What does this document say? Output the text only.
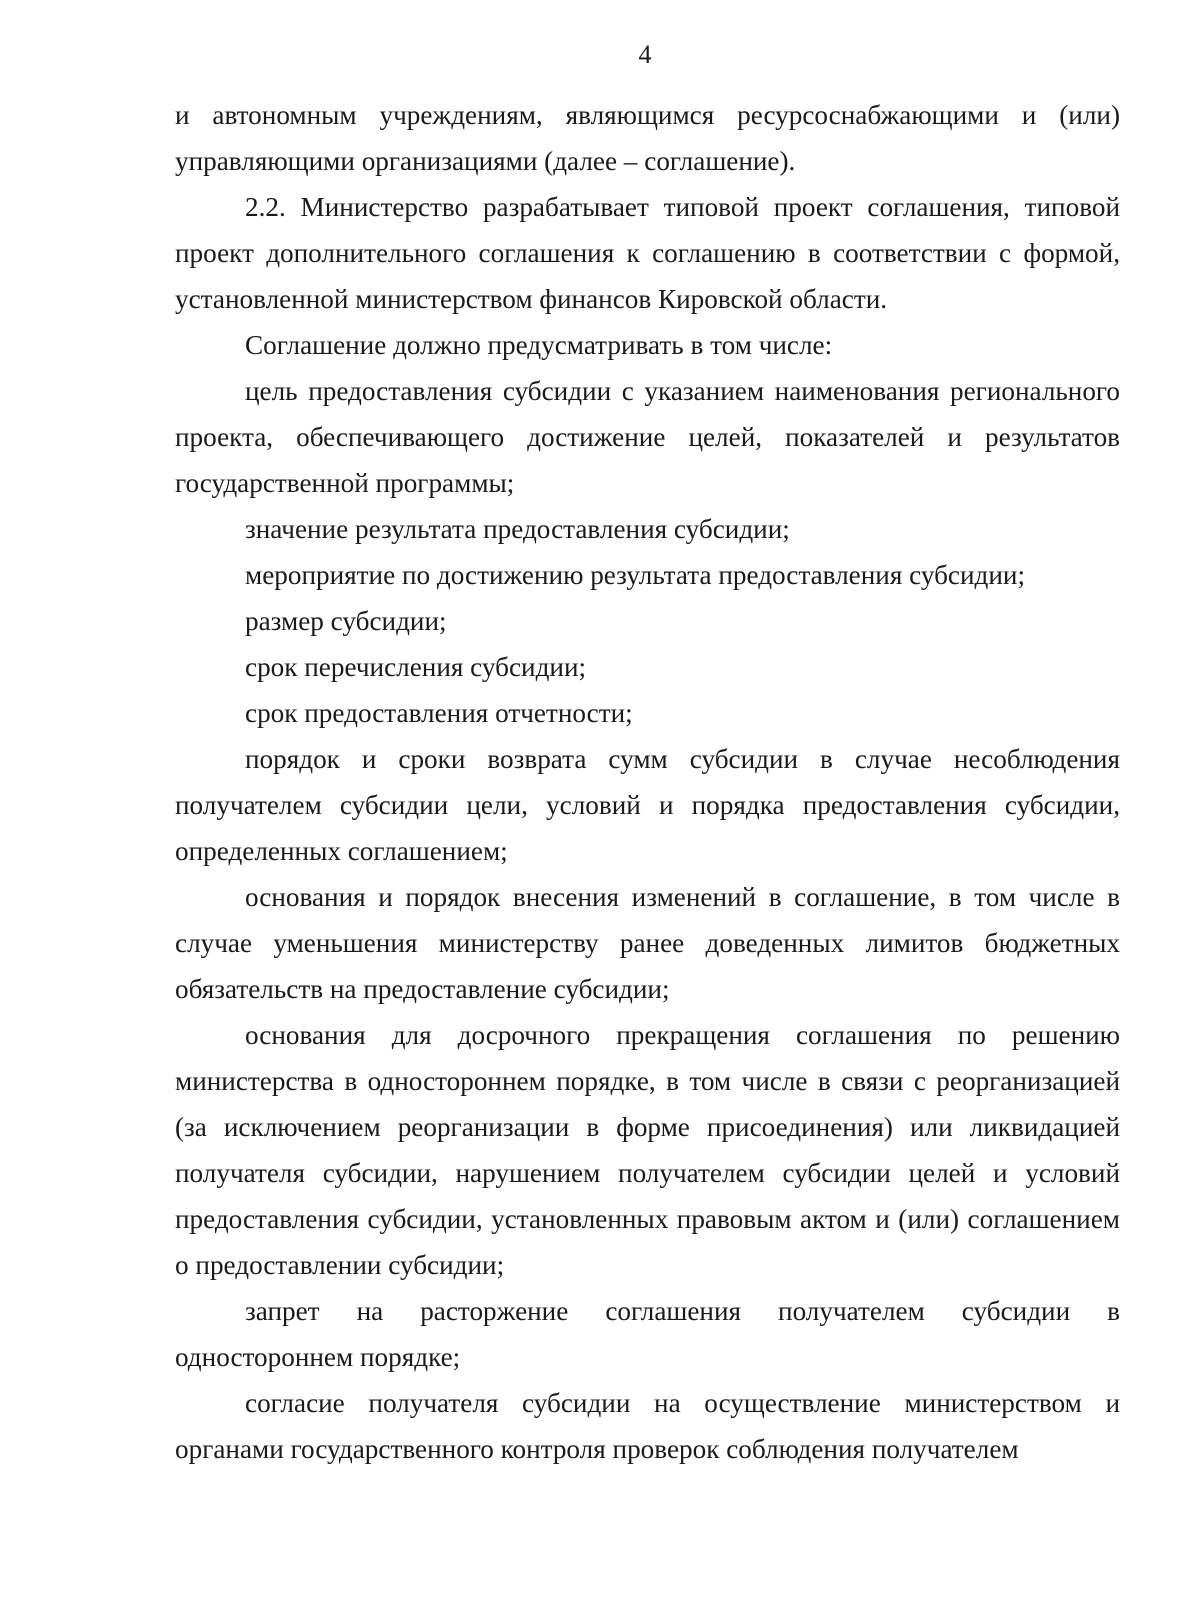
4

и автономным учреждениям, являющимся ресурсоснабжающими и (или) управляющими организациями (далее – соглашение).

2.2. Министерство разрабатывает типовой проект соглашения, типовой проект дополнительного соглашения к соглашению в соответствии с формой, установленной министерством финансов Кировской области.

Соглашение должно предусматривать в том числе:

цель предоставления субсидии с указанием наименования регионального проекта, обеспечивающего достижение целей, показателей и результатов государственной программы;

значение результата предоставления субсидии;

мероприятие по достижению результата предоставления субсидии;

размер субсидии;

срок перечисления субсидии;

срок предоставления отчетности;

порядок и сроки возврата сумм субсидии в случае несоблюдения получателем субсидии цели, условий и порядка предоставления субсидии, определенных соглашением;

основания и порядок внесения изменений в соглашение, в том числе в случае уменьшения министерству ранее доведенных лимитов бюджетных обязательств на предоставление субсидии;

основания для досрочного прекращения соглашения по решению министерства в одностороннем порядке, в том числе в связи с реорганизацией (за исключением реорганизации в форме присоединения) или ликвидацией получателя субсидии, нарушением получателем субсидии целей и условий предоставления субсидии, установленных правовым актом и (или) соглашением о предоставлении субсидии;

запрет на расторжение соглашения получателем субсидии в одностороннем порядке;

согласие получателя субсидии на осуществление министерством и органами государственного контроля проверок соблюдения получателем
